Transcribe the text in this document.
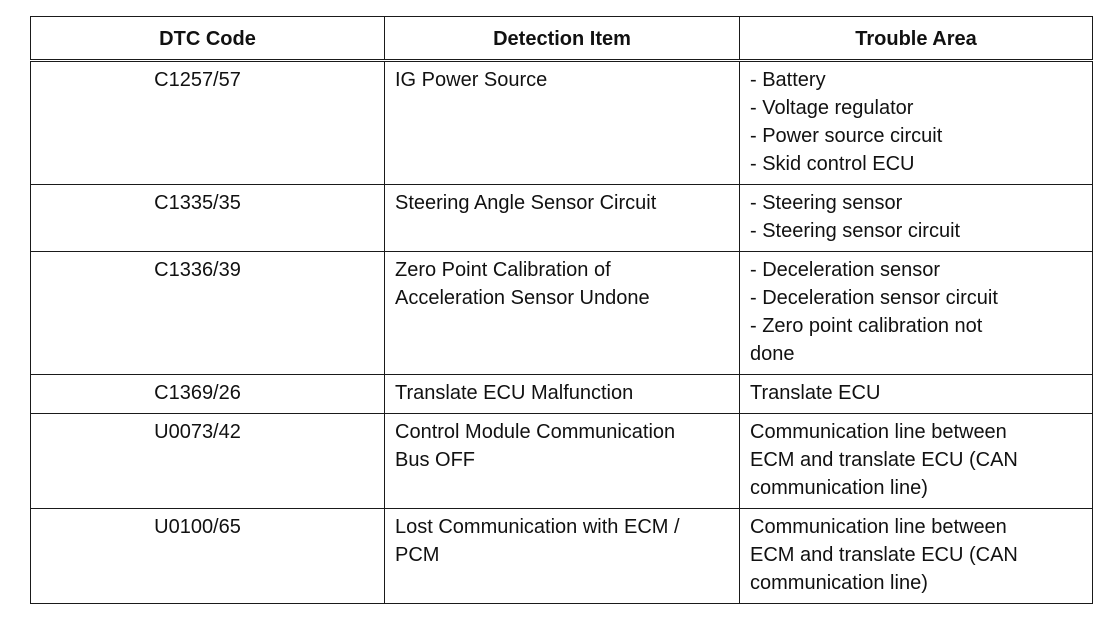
DTC Code	Detection Item	Trouble Area
C1257/57	IG Power Source	- Battery
- Voltage regulator
- Power source circuit
- Skid control ECU

C1335/35	Steering Angle Sensor Circuit	- Steering sensor
- Steering sensor circuit

C1336/39	Zero Point Calibration of
Acceleration Sensor Undone	- Deceleration sensor
- Deceleration sensor circuit
- Zero point calibration not
done

C1369/26	Translate ECU Malfunction	Translate ECU

U0073/42	Control Module Communication
Bus OFF	Communication line between
ECM and translate ECU (CAN
communication line)

U0100/65	Lost Communication with ECM /
PCM	Communication line between
ECM and translate ECU (CAN
communication line)
